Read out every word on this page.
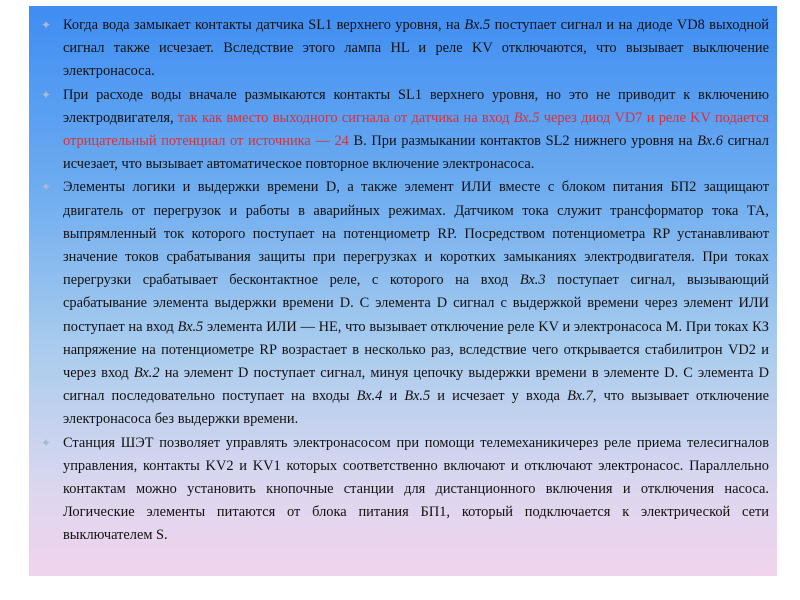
✦ Когда вода замыкает контакты датчика SL1 верхнего уровня, на Вх.5 поступает сигнал и на диоде VD8 выходной сигнал также исчезает. Вследствие этого лампа HL и реле KV отключаются, что вызывает выключение электронасоса.

✦ При расходе воды вначале размыкаются контакты SL1 верхнего уровня, но это не приводит к включению электродвигателя, так как вместо выходного сигнала от датчика на вход Вх.5 через диод VD7 и реле KV подается отрицательный потенциал от источника — 24 В. При размыкании контактов SL2 нижнего уровня на Вх.6 сигнал исчезает, что вызывает автоматическое повторное включение электронасоса.

✦ Элементы логики и выдержки времени D, а также элемент ИЛИ вместе с блоком питания БП2 защищают двигатель от перегрузок и работы в аварийных режимах. Датчиком тока служит трансформатор тока ТА, выпрямленный ток которого поступает на потенциометр RP. Посредством потенциометра RP устанавливают значение токов срабатывания защиты при перегрузках и коротких замыканиях электродвигателя. При токах перегрузки срабатывает бесконтактное реле, с которого на вход Вх.3 поступает сигнал, вызывающий срабатывание элемента выдержки времени D. С элемента D сигнал с выдержкой времени через элемент ИЛИ поступает на вход Вх.5 элемента ИЛИ — НЕ, что вызывает отключение реле KV и электронасоса М. При токах КЗ напряжение на потенциометре RP возрастает в несколько раз, вследствие чего открывается стабилитрон VD2 и через вход Вх.2 на элемент D поступает сигнал, минуя цепочку выдержки времени в элементе D. С элемента D сигнал последовательно поступает на входы Вх.4 и Вх.5 и исчезает у входа Вх.7, что вызывает отключение электронасоса без выдержки времени.

✦ Станция ШЭТ позволяет управлять электронасосом при помощи телемеханикичерез реле приема телесигналов управления, контакты KV2 и KV1 которых соответственно включают и отключают электронасос. Параллельно контактам можно установить кнопочные станции для дистанционного включения и отключения насоса. Логические элементы питаются от блока питания БП1, который подключается к электрической сети выключателем S.
